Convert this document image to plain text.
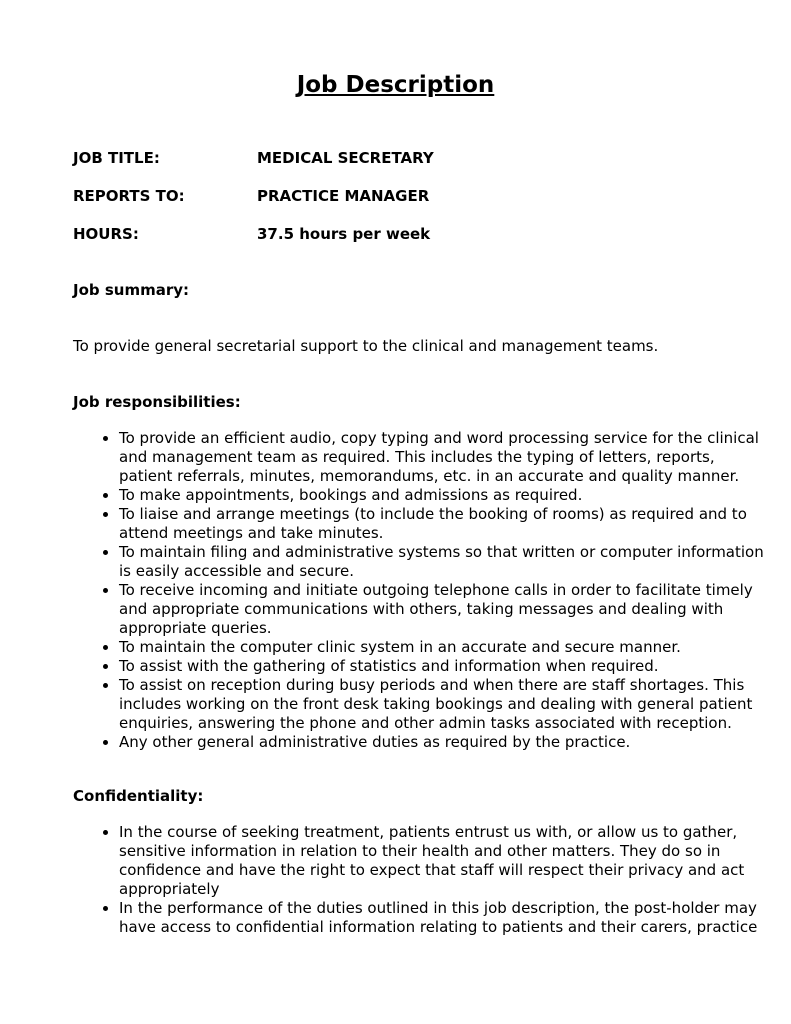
Job Description
JOB TITLE:	MEDICAL SECRETARY
REPORTS TO:	PRACTICE MANAGER
HOURS:	37.5 hours per week
Job summary:
To provide general secretarial support to the clinical and management teams.
Job responsibilities:
• To provide an efficient audio, copy typing and word processing service for the clinical and management team as required. This includes the typing of letters, reports, patient referrals, minutes, memorandums, etc. in an accurate and quality manner.
• To make appointments, bookings and admissions as required.
• To liaise and arrange meetings (to include the booking of rooms) as required and to attend meetings and take minutes.
• To maintain filing and administrative systems so that written or computer information is easily accessible and secure.
• To receive incoming and initiate outgoing telephone calls in order to facilitate timely and appropriate communications with others, taking messages and dealing with appropriate queries.
• To maintain the computer clinic system in an accurate and secure manner.
• To assist with the gathering of statistics and information when required.
• To assist on reception during busy periods and when there are staff shortages. This includes working on the front desk taking bookings and dealing with general patient enquiries, answering the phone and other admin tasks associated with reception.
• Any other general administrative duties as required by the practice.
Confidentiality:
• In the course of seeking treatment, patients entrust us with, or allow us to gather, sensitive information in relation to their health and other matters. They do so in confidence and have the right to expect that staff will respect their privacy and act appropriately
• In the performance of the duties outlined in this job description, the post-holder may have access to confidential information relating to patients and their carers, practice
